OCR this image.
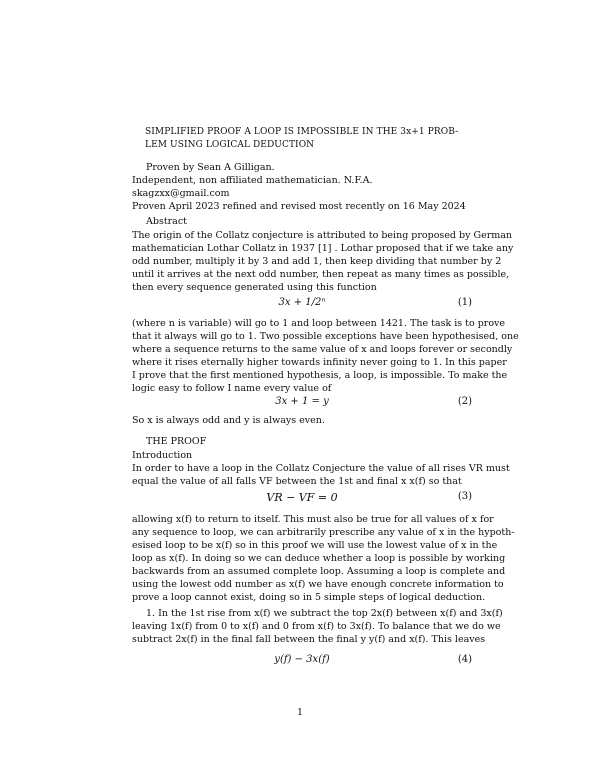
SIMPLIFIED PROOF A LOOP IS IMPOSSIBLE IN THE 3x+1 PROB-
LEM USING LOGICAL DEDUCTION
Proven by Sean A Gilligan.
Independent, non affiliated mathematician. N.F.A.
skagzxx@gmail.com
Proven April 2023 refined and revised most recently on 16 May 2024
Abstract
The origin of the Collatz conjecture is attributed to being proposed by German
mathematician Lothar Collatz in 1937 [1] . Lothar proposed that if we take any
odd number, multiply it by 3 and add 1, then keep dividing that number by 2
until it arrives at the next odd number, then repeat as many times as possible,
then every sequence generated using this function
3x + 1/2ⁿ	(1)
(where n is variable) will go to 1 and loop between 1421. The task is to prove
that it always will go to 1. Two possible exceptions have been hypothesised, one
where a sequence returns to the same value of x and loops forever or secondly
where it rises eternally higher towards infinity never going to 1. In this paper
I prove that the first mentioned hypothesis, a loop, is impossible. To make the
logic easy to follow I name every value of
3x + 1 = y	(2)
So x is always odd and y is always even.
THE PROOF
Introduction
In order to have a loop in the Collatz Conjecture the value of all rises VR must
equal the value of all falls VF between the 1st and final x x(f) so that
VR − VF = 0	(3)
allowing x(f) to return to itself. This must also be true for all values of x for
any sequence to loop, we can arbitrarily prescribe any value of x in the hypoth-
esised loop to be x(f) so in this proof we will use the lowest value of x in the
loop as x(f). In doing so we can deduce whether a loop is possible by working
backwards from an assumed complete loop. Assuming a loop is complete and
using the lowest odd number as x(f) we have enough concrete information to
prove a loop cannot exist, doing so in 5 simple steps of logical deduction.
1. In the 1st rise from x(f) we subtract the top 2x(f) between x(f) and 3x(f)
leaving 1x(f) from 0 to x(f) and 0 from x(f) to 3x(f). To balance that we do we
subtract 2x(f) in the final fall between the final y y(f) and x(f). This leaves
y(f) − 3x(f)	(4)
1
